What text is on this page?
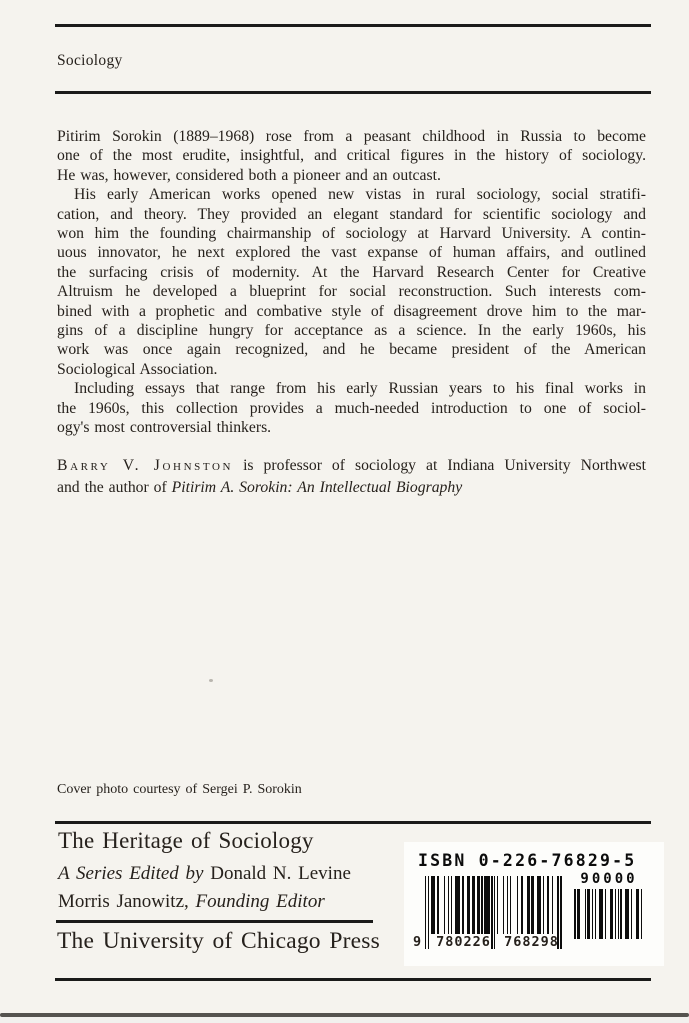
Sociology
Pitirim Sorokin (1889–1968) rose from a peasant childhood in Russia to become
one of the most erudite, insightful, and critical figures in the history of sociology.
He was, however, considered both a pioneer and an outcast.
His early American works opened new vistas in rural sociology, social stratifi-
cation, and theory. They provided an elegant standard for scientific sociology and
won him the founding chairmanship of sociology at Harvard University. A contin-
uous innovator, he next explored the vast expanse of human affairs, and outlined
the surfacing crisis of modernity. At the Harvard Research Center for Creative
Altruism he developed a blueprint for social reconstruction. Such interests com-
bined with a prophetic and combative style of disagreement drove him to the mar-
gins of a discipline hungry for acceptance as a science. In the early 1960s, his
work was once again recognized, and he became president of the American
Sociological Association.
Including essays that range from his early Russian years to his final works in
the 1960s, this collection provides a much-needed introduction to one of sociol-
ogy's most controversial thinkers.
Barry V. Johnston is professor of sociology at Indiana University Northwest
and the author of Pitirim A. Sorokin: An Intellectual Biography
Cover photo courtesy of Sergei P. Sorokin
The Heritage of Sociology
A Series Edited by Donald N. Levine
Morris Janowitz, Founding Editor
The University of Chicago Press
ISBN 0-226-76829-5
9	780226 768298
90000
